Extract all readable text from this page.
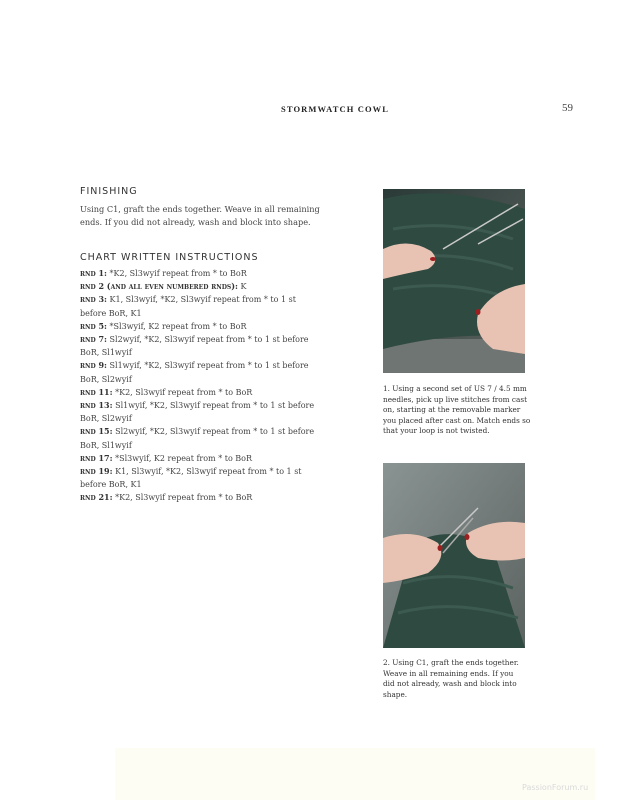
STORMWATCH COWL	59
FINISHING

Using C1, graft the ends together. Weave in all remaining ends. If you did not already, wash and block into shape.

CHART WRITTEN INSTRUCTIONS

rnd 1: *K2, Sl3wyif repeat from * to BoR

rnd 2 (and all even numbered rnds): K

rnd 3: K1, Sl3wyif, *K2, Sl3wyif repeat from * to 1 st before BoR, K1

rnd 5: *Sl3wyif, K2 repeat from * to BoR

rnd 7: Sl2wyif, *K2, Sl3wyif repeat from * to 1 st before BoR, Sl1wyif

rnd 9: Sl1wyif, *K2, Sl3wyif repeat from * to 1 st before BoR, Sl2wyif

rnd 11: *K2, Sl3wyif repeat from * to BoR

rnd 13: Sl1wyif, *K2, Sl3wyif repeat from * to 1 st before BoR, Sl2wyif

rnd 15: Sl2wyif, *K2, Sl3wyif repeat from * to 1 st before BoR, Sl1wyif

rnd 17: *Sl3wyif, K2 repeat from * to BoR

rnd 19: K1, Sl3wyif, *K2, Sl3wyif repeat from * to 1 st before BoR, K1

rnd 21: *K2, Sl3wyif repeat from * to BoR

1. Using a second set of US 7 / 4.5 mm needles, pick up live stitches from cast on, starting at the removable marker you placed after cast on. Match ends so that your loop is not twisted.

2. Using C1, graft the ends together. Weave in all remaining ends. If you did not already, wash and block into shape.

PassionForum.ru
